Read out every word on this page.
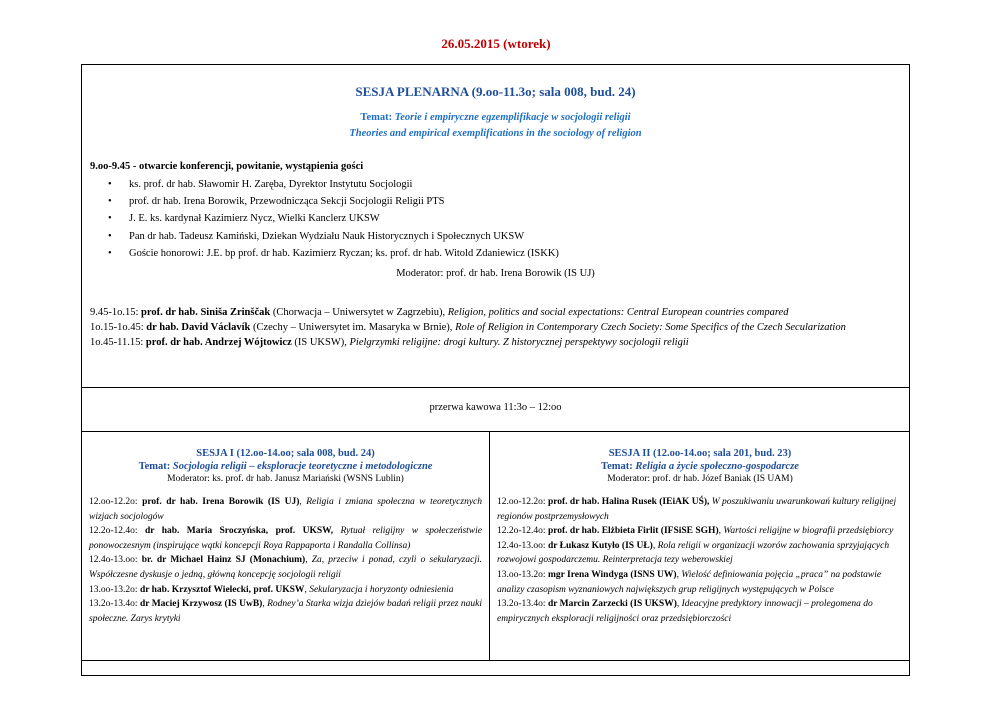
26.05.2015 (wtorek)
SESJA PLENARNA (9.oo-11.3o; sala 008, bud. 24)
Temat: Teorie i empiryczne egzemplifikacje w socjologii religii
Theories and empirical exemplifications in the sociology of religion
9.oo-9.45 - otwarcie konferencji, powitanie, wystąpienia gości
• ks. prof. dr hab. Sławomir H. Zaręba, Dyrektor Instytutu Socjologii
• prof. dr hab. Irena Borowik, Przewodnicząca Sekcji Socjologii Religii PTS
• J. E. ks. kardynał Kazimierz Nycz, Wielki Kanclerz UKSW
• Pan dr hab. Tadeusz Kamiński, Dziekan Wydziału Nauk Historycznych i Społecznych UKSW
• Goście honorowi: J.E. bp prof. dr hab. Kazimierz Ryczan; ks. prof. dr hab. Witold Zdaniewicz (ISKK)
Moderator: prof. dr hab. Irena Borowik (IS UJ)

9.45-1o.15: prof. dr hab. Siniša Zrinščak (Chorwacja – Uniwersytet w Zagrzebiu), Religion, politics and social expectations: Central European countries compared

1o.15-1o.45: dr hab. David Václavík (Czechy – Uniwersytet im. Masaryka w Brnie), Role of Religion in Contemporary Czech Society: Some Specifics of the Czech Secularization

1o.45-11.15: prof. dr hab. Andrzej Wójtowicz (IS UKSW), Pielgrzymki religijne: drogi kultury. Z historycznej perspektywy socjologii religii

przerwa kawowa 11:3o – 12:oo
SESJA I (12.oo-14.oo; sala 008, bud. 24)
Temat: Socjologia religii – eksploracje teoretyczne i metodologiczne
Moderator: ks. prof. dr hab. Janusz Mariański (WSNS Lublin)

12.oo-12.2o: prof. dr hab. Irena Borowik (IS UJ), Religia i zmiana społeczna w teoretycznych wizjach socjologów

12.2o-12.4o: dr hab. Maria Sroczyńska, prof. UKSW, Rytuał religijny w społeczeństwie ponowoczesnym (inspirujące wątki koncepcji Roya Rappaporta i Randalla Collinsa)

12.4o-13.oo: br. dr Michael Hainz SJ (Monachium), Za, przeciw i ponad, czyli o sekularyzacji. Współczesne dyskusje o jedną, główną koncepcję socjologii religii

13.oo-13.2o: dr hab. Krzysztof Wielecki, prof. UKSW, Sekularyzacja i horyzonty odniesienia

13.2o-13.4o: dr Maciej Krzywosz (IS UwB), Rodney’a Starka wizja dziejów badań religii przez nauki społeczne. Zarys krytyki

SESJA II (12.oo-14.oo; sala 201, bud. 23)
Temat: Religia a życie społeczno-gospodarcze
Moderator: prof. dr hab. Józef Baniak (IS UAM)

12.oo-12.2o: prof. dr hab. Halina Rusek (IEiAK UŚ), W poszukiwaniu uwarunkowań kultury religijnej regionów postprzemysłowych

12.2o-12.4o: prof. dr hab. Elżbieta Firlit (IFSiSE SGH), Wartości religijne w biografii przedsiębiorcy

12.4o-13.oo: dr Łukasz Kutyło (IS UŁ), Rola religii w organizacji wzorów zachowania sprzyjających rozwojowi gospodarczemu. Reinterpretacja tezy weberowskiej

13.oo-13.2o: mgr Irena Windyga (ISNS UW), Wielość definiowania pojęcia „praca” na podstawie analizy czasopism wyznaniowych największych grup religijnych występujących w Polsce

13.2o-13.4o: dr Marcin Zarzecki (IS UKSW), Ideacyjne predyktory innowacji – prolegomena do empirycznych eksploracji religijności oraz przedsiębiorczości
